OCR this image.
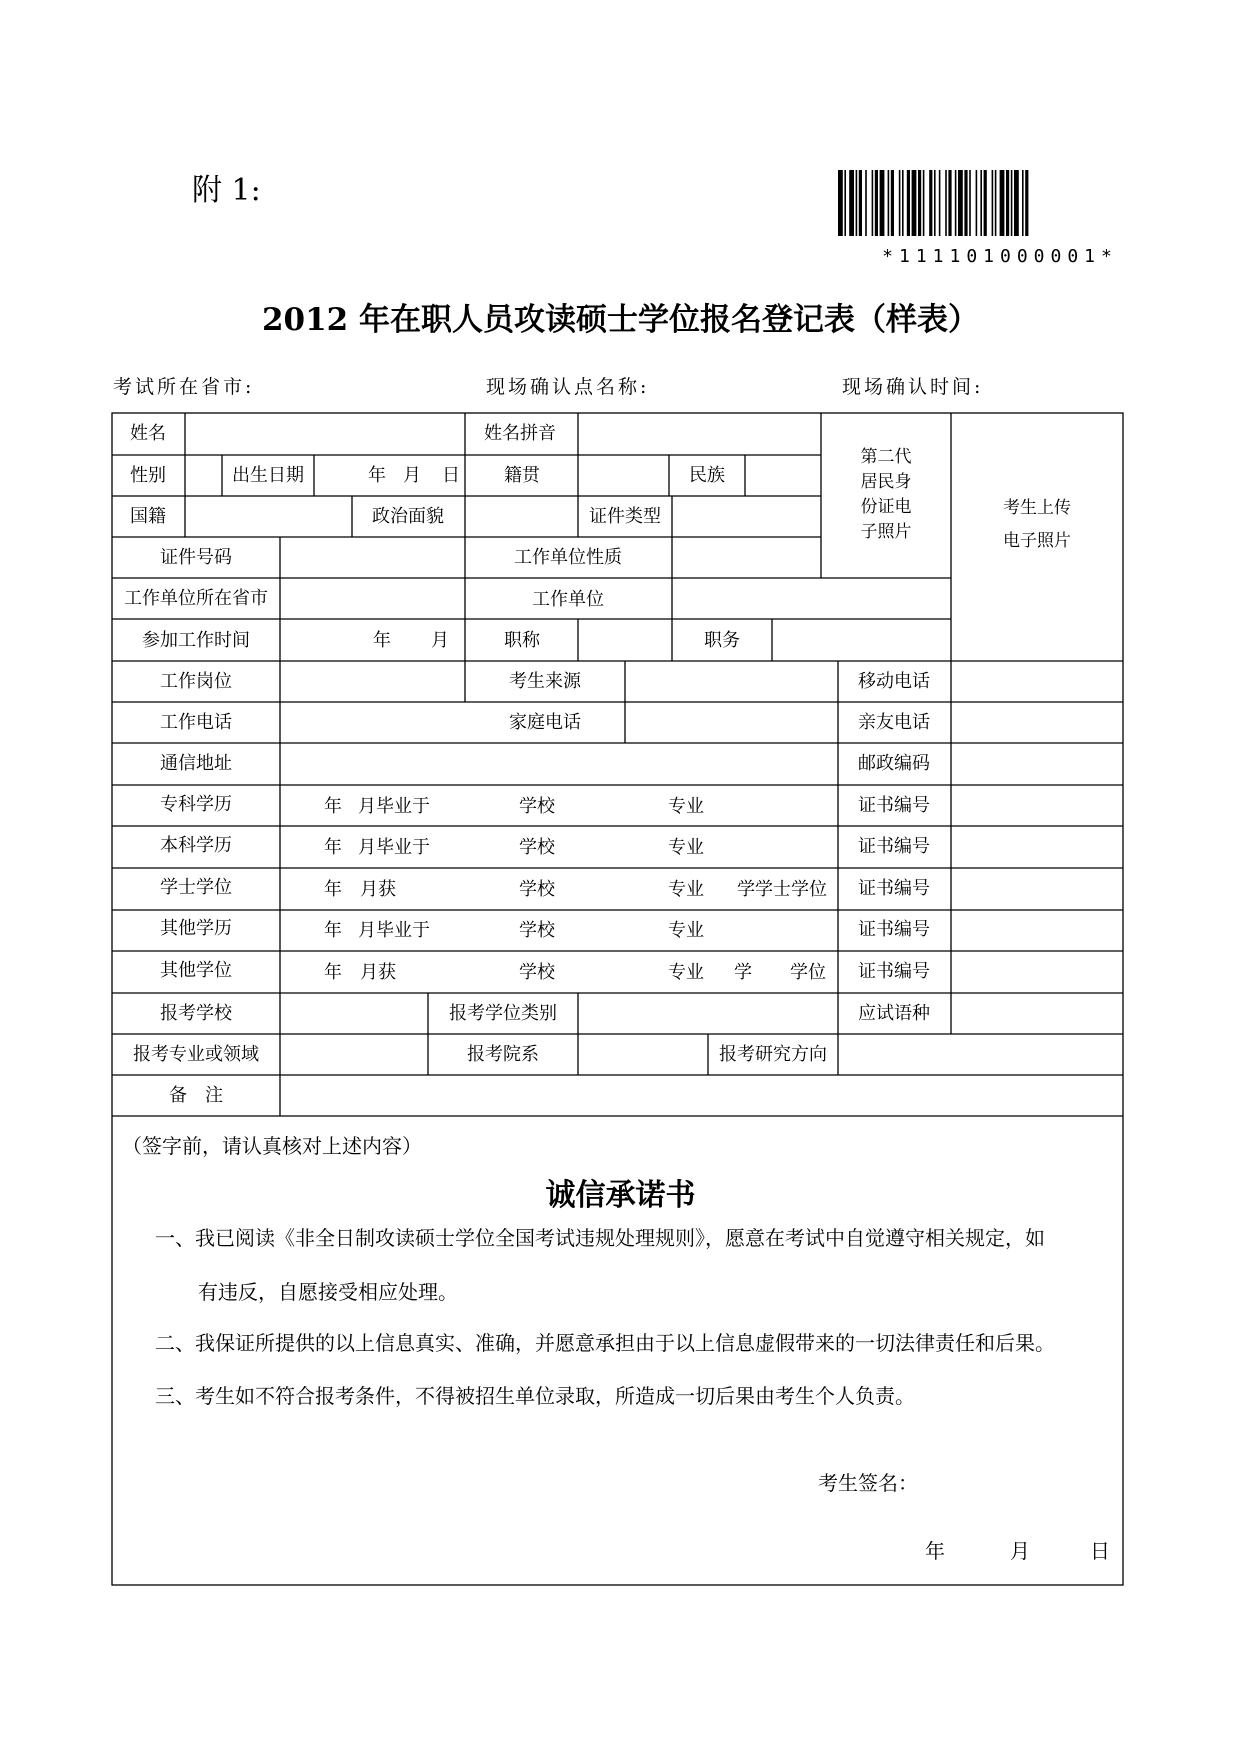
附 1:
*111101000001*
2012 年在职人员攻读硕士学位报名登记表（样表）
考试所在省市:	现场确认点名称:	现场确认时间:
姓名	姓名拼音
性别	出生日期	年 月 日 籍贯	民族
国籍	政治面貌	证件类型
第二代
居民身
份证电
子照片
考生上传
电子照片
证件号码	工作单位性质
工作单位所在省市	工作单位
参加工作时间	年 月	职称	职务
工作岗位	考生来源	移动电话
工作电话	家庭电话	亲友电话
通信地址	邮政编码
专科学历	年 月毕业于	学校	专业	证书编号
本科学历	年 月毕业于	学校	专业	证书编号
学士学位	年 月获	学校	专业 学学士学位 证书编号
其他学历	年 月毕业于	学校	专业	证书编号
其他学位	年 月获	学校	专业 学 学位 证书编号
报考学校	报考学位类别	应试语种
报考专业或领域	报考院系	报考研究方向
备　注
（签字前，请认真核对上述内容）
诚信承诺书
一、我已阅读《非全日制攻读硕士学位全国考试违规处理规则》，愿意在考试中自觉遵守相关规定，如
有违反，自愿接受相应处理。
二、我保证所提供的以上信息真实、准确，并愿意承担由于以上信息虚假带来的一切法律责任和后果。
三、考生如不符合报考条件，不得被招生单位录取，所造成一切后果由考生个人负责。
考生签名：
年	月	日
